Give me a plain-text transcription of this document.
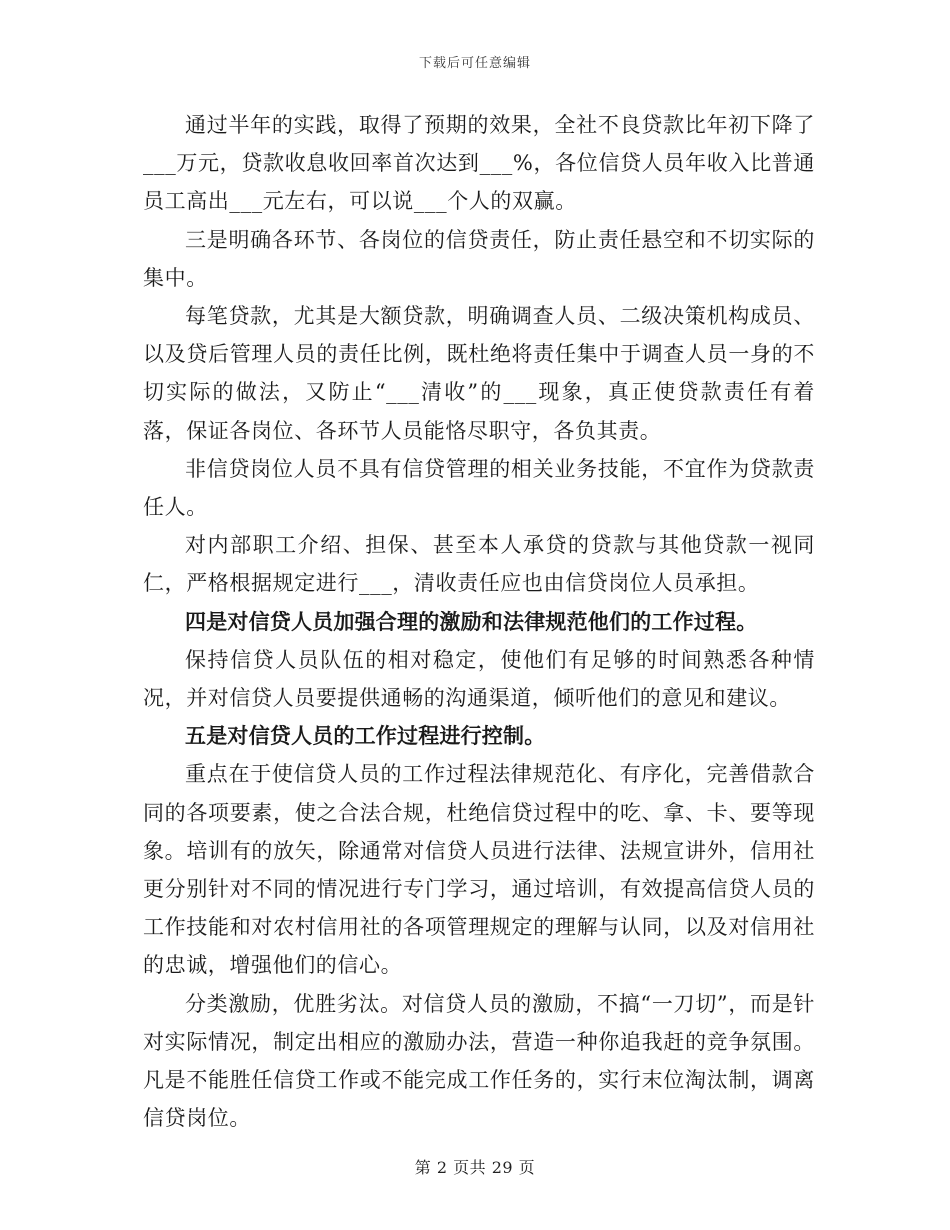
下载后可任意编辑

通过半年的实践，取得了预期的效果，全社不良贷款比年初下降了___万元，贷款收息收回率首次达到___%，各位信贷人员年收入比普通员工高出___元左右，可以说___个人的双赢。

三是明确各环节、各岗位的信贷责任，防止责任悬空和不切实际的集中。

每笔贷款，尤其是大额贷款，明确调查人员、二级决策机构成员、以及贷后管理人员的责任比例，既杜绝将责任集中于调查人员一身的不切实际的做法，又防止“___清收”的___现象，真正使贷款责任有着落，保证各岗位、各环节人员能恪尽职守，各负其责。

非信贷岗位人员不具有信贷管理的相关业务技能，不宜作为贷款责任人。

对内部职工介绍、担保、甚至本人承贷的贷款与其他贷款一视同仁，严格根据规定进行___，清收责任应也由信贷岗位人员承担。

四是对信贷人员加强合理的激励和法律规范他们的工作过程。

保持信贷人员队伍的相对稳定，使他们有足够的时间熟悉各种情况，并对信贷人员要提供通畅的沟通渠道，倾听他们的意见和建议。

五是对信贷人员的工作过程进行控制。

重点在于使信贷人员的工作过程法律规范化、有序化，完善借款合同的各项要素，使之合法合规，杜绝信贷过程中的吃、拿、卡、要等现象。培训有的放矢，除通常对信贷人员进行法律、法规宣讲外，信用社更分别针对不同的情况进行专门学习，通过培训，有效提高信贷人员的工作技能和对农村信用社的各项管理规定的理解与认同，以及对信用社的忠诚，增强他们的信心。

分类激励，优胜劣汰。对信贷人员的激励，不搞“一刀切”，而是针对实际情况，制定出相应的激励办法，营造一种你追我赶的竞争氛围。凡是不能胜任信贷工作或不能完成工作任务的，实行末位淘汰制，调离信贷岗位。

第 2 页共 29 页
